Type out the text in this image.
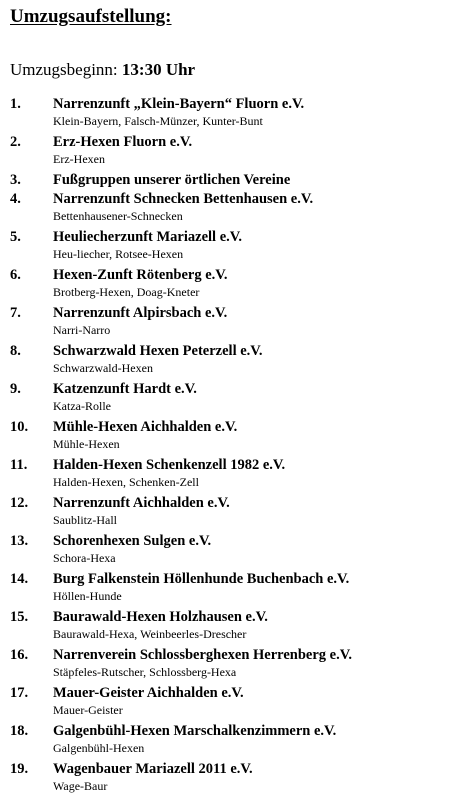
Umzugsaufstellung:
Umzugsbeginn: 13:30 Uhr
1. Narrenzunft „Klein-Bayern“ Fluorn e.V.
Klein-Bayern, Falsch-Münzer, Kunter-Bunt
2. Erz-Hexen Fluorn e.V.
Erz-Hexen
3. Fußgruppen unserer örtlichen Vereine
4. Narrenzunft Schnecken Bettenhausen e.V.
Bettenhausener-Schnecken
5. Heuliecherzunft Mariazell e.V.
Heu-liecher, Rotsee-Hexen
6. Hexen-Zunft Rötenberg e.V.
Brotberg-Hexen, Doag-Kneter
7. Narrenzunft Alpirsbach e.V.
Narri-Narro
8. Schwarzwald Hexen Peterzell e.V.
Schwarzwald-Hexen
9. Katzenzunft Hardt e.V.
Katza-Rolle
10. Mühle-Hexen Aichhalden e.V.
Mühle-Hexen
11. Halden-Hexen Schenkenzell 1982 e.V.
Halden-Hexen, Schenken-Zell
12. Narrenzunft Aichhalden e.V.
Saublitz-Hall
13. Schorenhexen Sulgen e.V.
Schora-Hexa
14. Burg Falkenstein Höllenhunde Buchenbach e.V.
Höllen-Hunde
15. Baurawald-Hexen Holzhausen e.V.
Baurawald-Hexa, Weinbeerles-Drescher
16. Narrenverein Schlossberghexen Herrenberg e.V.
Stäpfeles-Rutscher, Schlossberg-Hexa
17. Mauer-Geister Aichhalden e.V.
Mauer-Geister
18. Galgenbühl-Hexen Marschalkenzimmern e.V.
Galgenbühl-Hexen
19. Wagenbauer Mariazell 2011 e.V.
Wage-Baur
